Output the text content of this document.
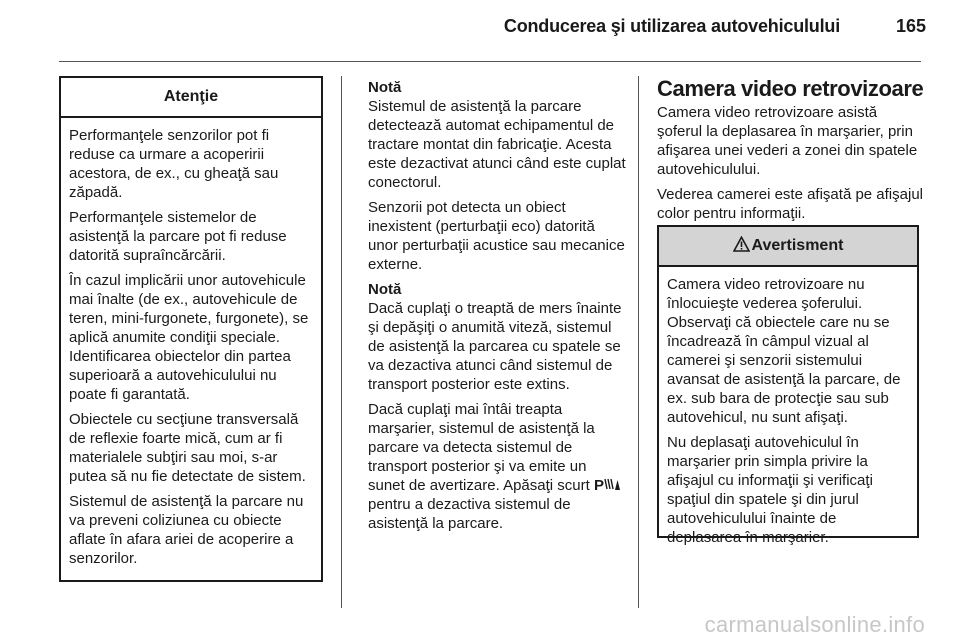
Conducerea şi utilizarea autovehiculului	165
Atenţie

Performanţele senzorilor pot fi reduse ca urmare a acoperirii acestora, de ex., cu gheaţă sau zăpadă.

Performanţele sistemelor de asistenţă la parcare pot fi reduse datorită supraîncărcării.

În cazul implicării unor autovehicule mai înalte (de ex., autovehicule de teren, mini-furgonete, furgonete), se aplică anumite condiţii speciale. Identificarea obiectelor din partea superioară a autovehiculului nu poate fi garantată.

Obiectele cu secţiune transversală de reflexie foarte mică, cum ar fi materialele subţiri sau moi, s-ar putea să nu fie detectate de sistem.

Sistemul de asistenţă la parcare nu va preveni coliziunea cu obiecte aflate în afara ariei de acoperire a senzorilor.

Notă

Sistemul de asistenţă la parcare detectează automat echipamentul de tractare montat din fabricaţie. Acesta este dezactivat atunci când este cuplat conectorul.

Senzorii pot detecta un obiect inexistent (perturbaţii eco) datorită unor perturbaţii acustice sau mecanice externe.

Notă

Dacă cuplaţi o treaptă de mers înainte şi depăşiţi o anumită viteză, sistemul de asistenţă la parcarea cu spatele se va dezactiva atunci când sistemul de transport posterior este extins.

Dacă cuplaţi mai întâi treapta marşarier, sistemul de asistenţă la parcare va detecta sistemul de transport posterior şi va emite un sunet de avertizare. Apăsaţi scurt P pentru a dezactiva sistemul de asistenţă la parcare.

Camera video retrovizoare

Camera video retrovizoare asistă şoferul la deplasarea în marşarier, prin afişarea unei vederi a zonei din spatele autovehiculului.

Vederea camerei este afişată pe afişajul color pentru informaţii.

Avertisment

Camera video retrovizoare nu înlocuieşte vederea şoferului. Observaţi că obiectele care nu se încadrează în câmpul vizual al camerei şi senzorii sistemului avansat de asistenţă la parcare, de ex. sub bara de protecţie sau sub autovehicul, nu sunt afişaţi.

Nu deplasaţi autovehiculul în marşarier prin simpla privire la afişajul cu informaţii şi verificaţi spaţiul din spatele şi din jurul autovehiculului înainte de deplasarea în marşarier.

carmanualsonline.info
